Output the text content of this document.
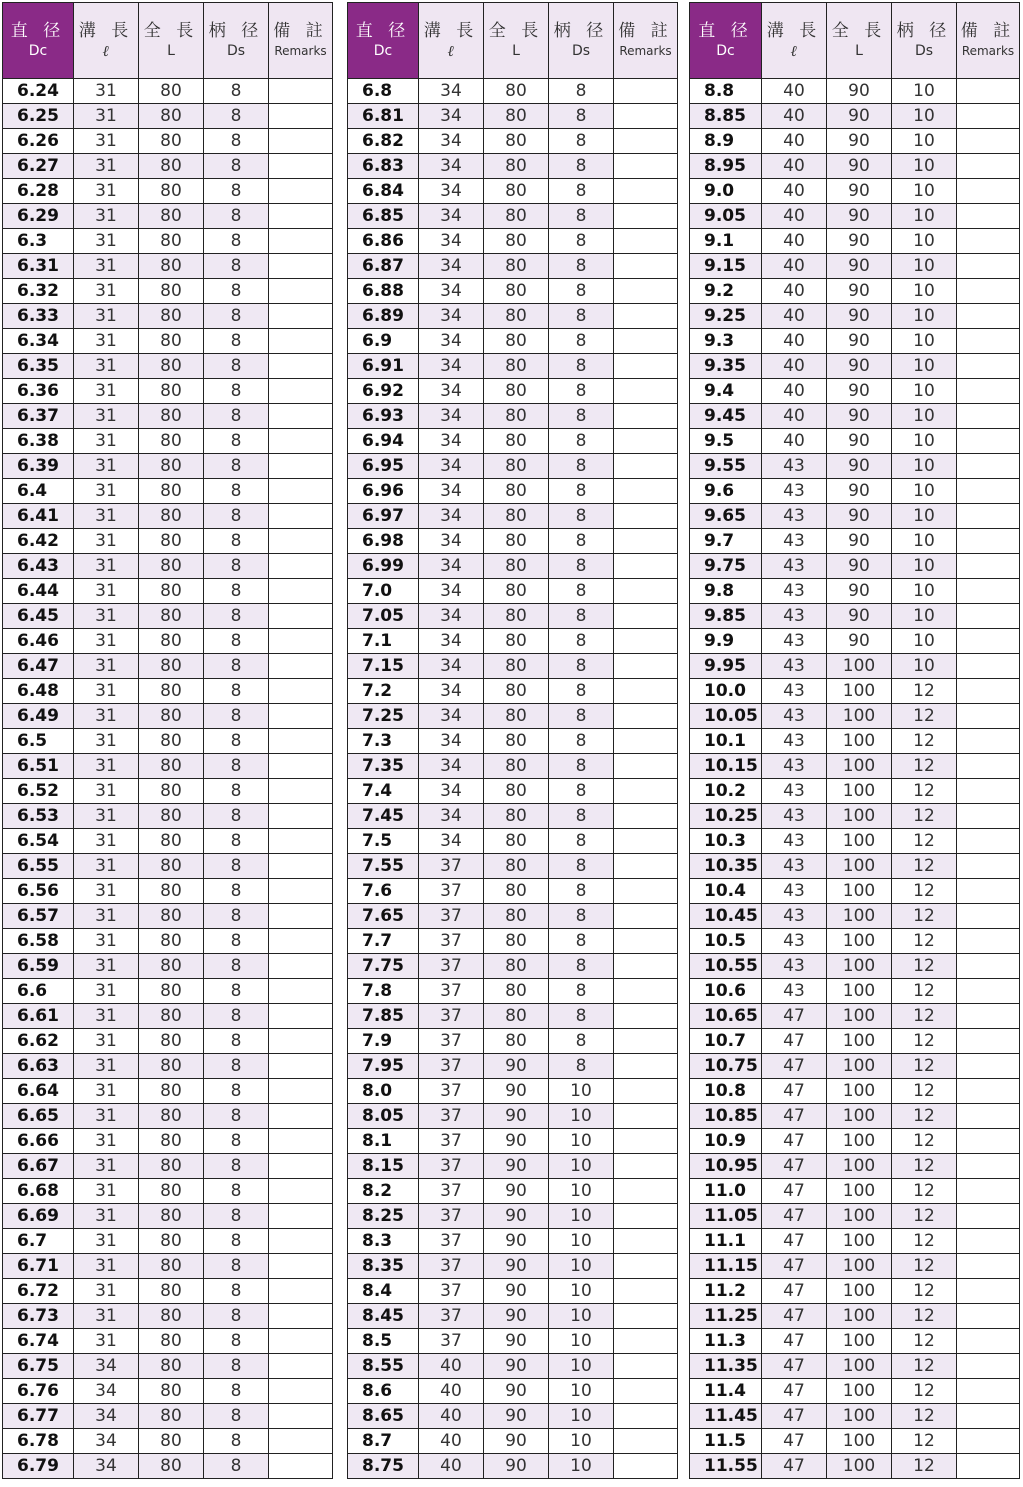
直 径
Dc	溝 長
ℓ	全 長
L	柄 径
Ds	備 註
Remarks

6.24	31	80	8	
6.25	31	80	8	
6.26	31	80	8	
6.27	31	80	8	
6.28	31	80	8	
6.29	31	80	8	
6.3	31	80	8	
6.31	31	80	8	
6.32	31	80	8	
6.33	31	80	8	
6.34	31	80	8	
6.35	31	80	8	
6.36	31	80	8	
6.37	31	80	8	
6.38	31	80	8	
6.39	31	80	8	
6.4	31	80	8	
6.41	31	80	8	
6.42	31	80	8	
6.43	31	80	8	
6.44	31	80	8	
6.45	31	80	8	
6.46	31	80	8	
6.47	31	80	8	
6.48	31	80	8	
6.49	31	80	8	
6.5	31	80	8	
6.51	31	80	8	
6.52	31	80	8	
6.53	31	80	8	
6.54	31	80	8	
6.55	31	80	8	
6.56	31	80	8	
6.57	31	80	8	
6.58	31	80	8	
6.59	31	80	8	
6.6	31	80	8	
6.61	31	80	8	
6.62	31	80	8	
6.63	31	80	8	
6.64	31	80	8	
6.65	31	80	8	
6.66	31	80	8	
6.67	31	80	8	
6.68	31	80	8	
6.69	31	80	8	
6.7	31	80	8	
6.71	31	80	8	
6.72	31	80	8	
6.73	31	80	8	
6.74	31	80	8	
6.75	34	80	8	
6.76	34	80	8	
6.77	34	80	8	
6.78	34	80	8	
6.79	34	80	8	
直 径
Dc	溝 長
ℓ	全 長
L	柄 径
Ds	備 註
Remarks

6.8	34	80	8	
6.81	34	80	8	
6.82	34	80	8	
6.83	34	80	8	
6.84	34	80	8	
6.85	34	80	8	
6.86	34	80	8	
6.87	34	80	8	
6.88	34	80	8	
6.89	34	80	8	
6.9	34	80	8	
6.91	34	80	8	
6.92	34	80	8	
6.93	34	80	8	
6.94	34	80	8	
6.95	34	80	8	
6.96	34	80	8	
6.97	34	80	8	
6.98	34	80	8	
6.99	34	80	8	
7.0	34	80	8	
7.05	34	80	8	
7.1	34	80	8	
7.15	34	80	8	
7.2	34	80	8	
7.25	34	80	8	
7.3	34	80	8	
7.35	34	80	8	
7.4	34	80	8	
7.45	34	80	8	
7.5	34	80	8	
7.55	37	80	8	
7.6	37	80	8	
7.65	37	80	8	
7.7	37	80	8	
7.75	37	80	8	
7.8	37	80	8	
7.85	37	80	8	
7.9	37	80	8	
7.95	37	90	8	
8.0	37	90	10	
8.05	37	90	10	
8.1	37	90	10	
8.15	37	90	10	
8.2	37	90	10	
8.25	37	90	10	
8.3	37	90	10	
8.35	37	90	10	
8.4	37	90	10	
8.45	37	90	10	
8.5	37	90	10	
8.55	40	90	10	
8.6	40	90	10	
8.65	40	90	10	
8.7	40	90	10	
8.75	40	90	10	
直 径
Dc	溝 長
ℓ	全 長
L	柄 径
Ds	備 註
Remarks

8.8	40	90	10	
8.85	40	90	10	
8.9	40	90	10	
8.95	40	90	10	
9.0	40	90	10	
9.05	40	90	10	
9.1	40	90	10	
9.15	40	90	10	
9.2	40	90	10	
9.25	40	90	10	
9.3	40	90	10	
9.35	40	90	10	
9.4	40	90	10	
9.45	40	90	10	
9.5	40	90	10	
9.55	43	90	10	
9.6	43	90	10	
9.65	43	90	10	
9.7	43	90	10	
9.75	43	90	10	
9.8	43	90	10	
9.85	43	90	10	
9.9	43	90	10	
9.95	43	100	10	
10.0	43	100	12	
10.05	43	100	12	
10.1	43	100	12	
10.15	43	100	12	
10.2	43	100	12	
10.25	43	100	12	
10.3	43	100	12	
10.35	43	100	12	
10.4	43	100	12	
10.45	43	100	12	
10.5	43	100	12	
10.55	43	100	12	
10.6	43	100	12	
10.65	47	100	12	
10.7	47	100	12	
10.75	47	100	12	
10.8	47	100	12	
10.85	47	100	12	
10.9	47	100	12	
10.95	47	100	12	
11.0	47	100	12	
11.05	47	100	12	
11.1	47	100	12	
11.15	47	100	12	
11.2	47	100	12	
11.25	47	100	12	
11.3	47	100	12	
11.35	47	100	12	
11.4	47	100	12	
11.45	47	100	12	
11.5	47	100	12	
11.55	47	100	12	
